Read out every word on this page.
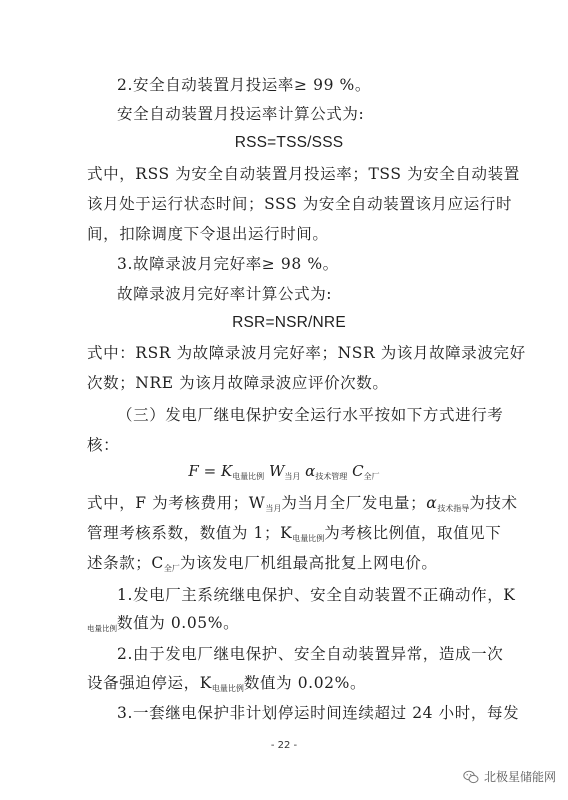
2.安全自动装置月投运率≥ 99 %。
安全自动装置月投运率计算公式为:
RSS=TSS/SSS
式中，RSS 为安全自动装置月投运率；TSS 为安全自动装置
该月处于运行状态时间；SSS 为安全自动装置该月应运行时
间，扣除调度下令退出运行时间。
3.故障录波月完好率≥ 98 %。
故障录波月完好率计算公式为:
RSR=NSR/NRE
式中：RSR 为故障录波月完好率；NSR 为该月故障录波完好
次数；NRE 为该月故障录波应评价次数。
（三）发电厂继电保护安全运行水平按如下方式进行考
核：
$F = K_{电量比例}$ $W_{当月}$ $\alpha_{技术管理}$ $C_{全厂}$
式中，F 为考核费用；$W_{当月}$为当月全厂发电量；$\alpha_{技术指导}$为技术
管理考核系数，数值为 1；$K_{电量比例}$为考核比例值，取值见下
述条款；$C_{全厂}$为该发电厂机组最高批复上网电价。
1.发电厂主系统继电保护、安全自动装置不正确动作，K
$_{电量比例}$数值为 0.05%。
2.由于发电厂继电保护、安全自动装置异常，造成一次
设备强迫停运，$K_{电量比例}$数值为 0.02%。
3.一套继电保护非计划停运时间连续超过 24 小时，每发
- 22 -
北极星储能网
